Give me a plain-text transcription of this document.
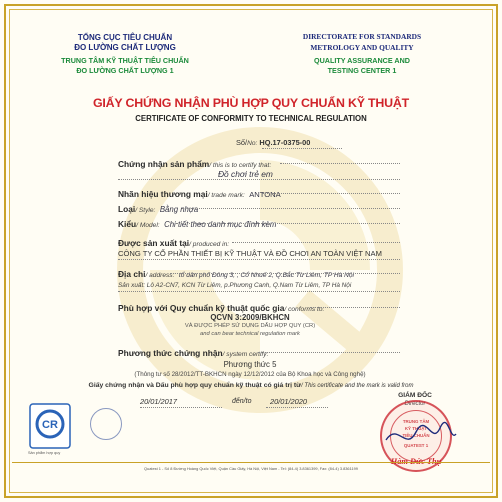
TỔNG CỤC TIÊU CHUẨN
ĐO LƯỜNG CHẤT LƯỢNG
TRUNG TÂM KỸ THUẬT TIÊU CHUẨN
ĐO LƯỜNG CHẤT LƯỢNG 1
DIRECTORATE FOR STANDARDS
METROLOGY AND QUALITY
QUALITY ASSURANCE AND
TESTING CENTER 1
GIẤY CHỨNG NHẬN PHÙ HỢP QUY CHUẨN KỸ THUẬT
CERTIFICATE OF CONFORMITY TO TECHNICAL REGULATION
Số/No: HQ.17-0375-00
Chứng nhận sản phẩm/ this is to certify that:
Đồ chơi trẻ em
Nhãn hiệu thương mại/ trade mark: ANTONA
Loại/ Style: Bằng nhựa
Kiểu/ Model: Chi tiết theo danh mục đính kèm
Được sản xuất tại/ produced in:
CÔNG TY CỔ PHẦN THIẾT BỊ KỸ THUẬT VÀ ĐỒ CHƠI AN TOÀN VIỆT NAM
Địa chỉ/ address: tổ dân phố Đông 3, , Cổ Nhuế 2, Q.Bắc Từ Liêm, TP Hà Nội
Sản xuất: Lô A2-CN7, KCN Từ Liêm, p.Phương Canh, Q.Nam Từ Liêm, TP Hà Nội
Phù hợp với Quy chuẩn kỹ thuật quốc gia/ conforms to:
QCVN 3:2009/BKHCN
VÀ ĐƯỢC PHÉP SỬ DỤNG DẤU HỢP QUY (CR)
and can bear technical regulation mark
Phương thức chứng nhận/ system certify:
Phương thức 5
(Thông tư số 28/2012/TT-BKHCN ngày 12/12/2012 của Bộ Khoa học và Công nghệ)
Giấy chứng nhận và Dấu phù hợp quy chuẩn kỹ thuật có giá trị từ/ This certificate and the mark is valid from
20/01/2017	đến/to	20/01/2020
GIÁM ĐỐC
Director
TRUNG TÂM
KỸ THUẬT
TIÊU CHUẨN
QUATEST 1
CR
Sản phẩm hợp quy
Quatest 1 - Số 8 Đường Hoàng Quốc Việt, Quận Cầu Giấy, Hà Nội, Việt Nam - Tel: (84-4) 3.8361399, Fax: (84-4) 3.8361199
